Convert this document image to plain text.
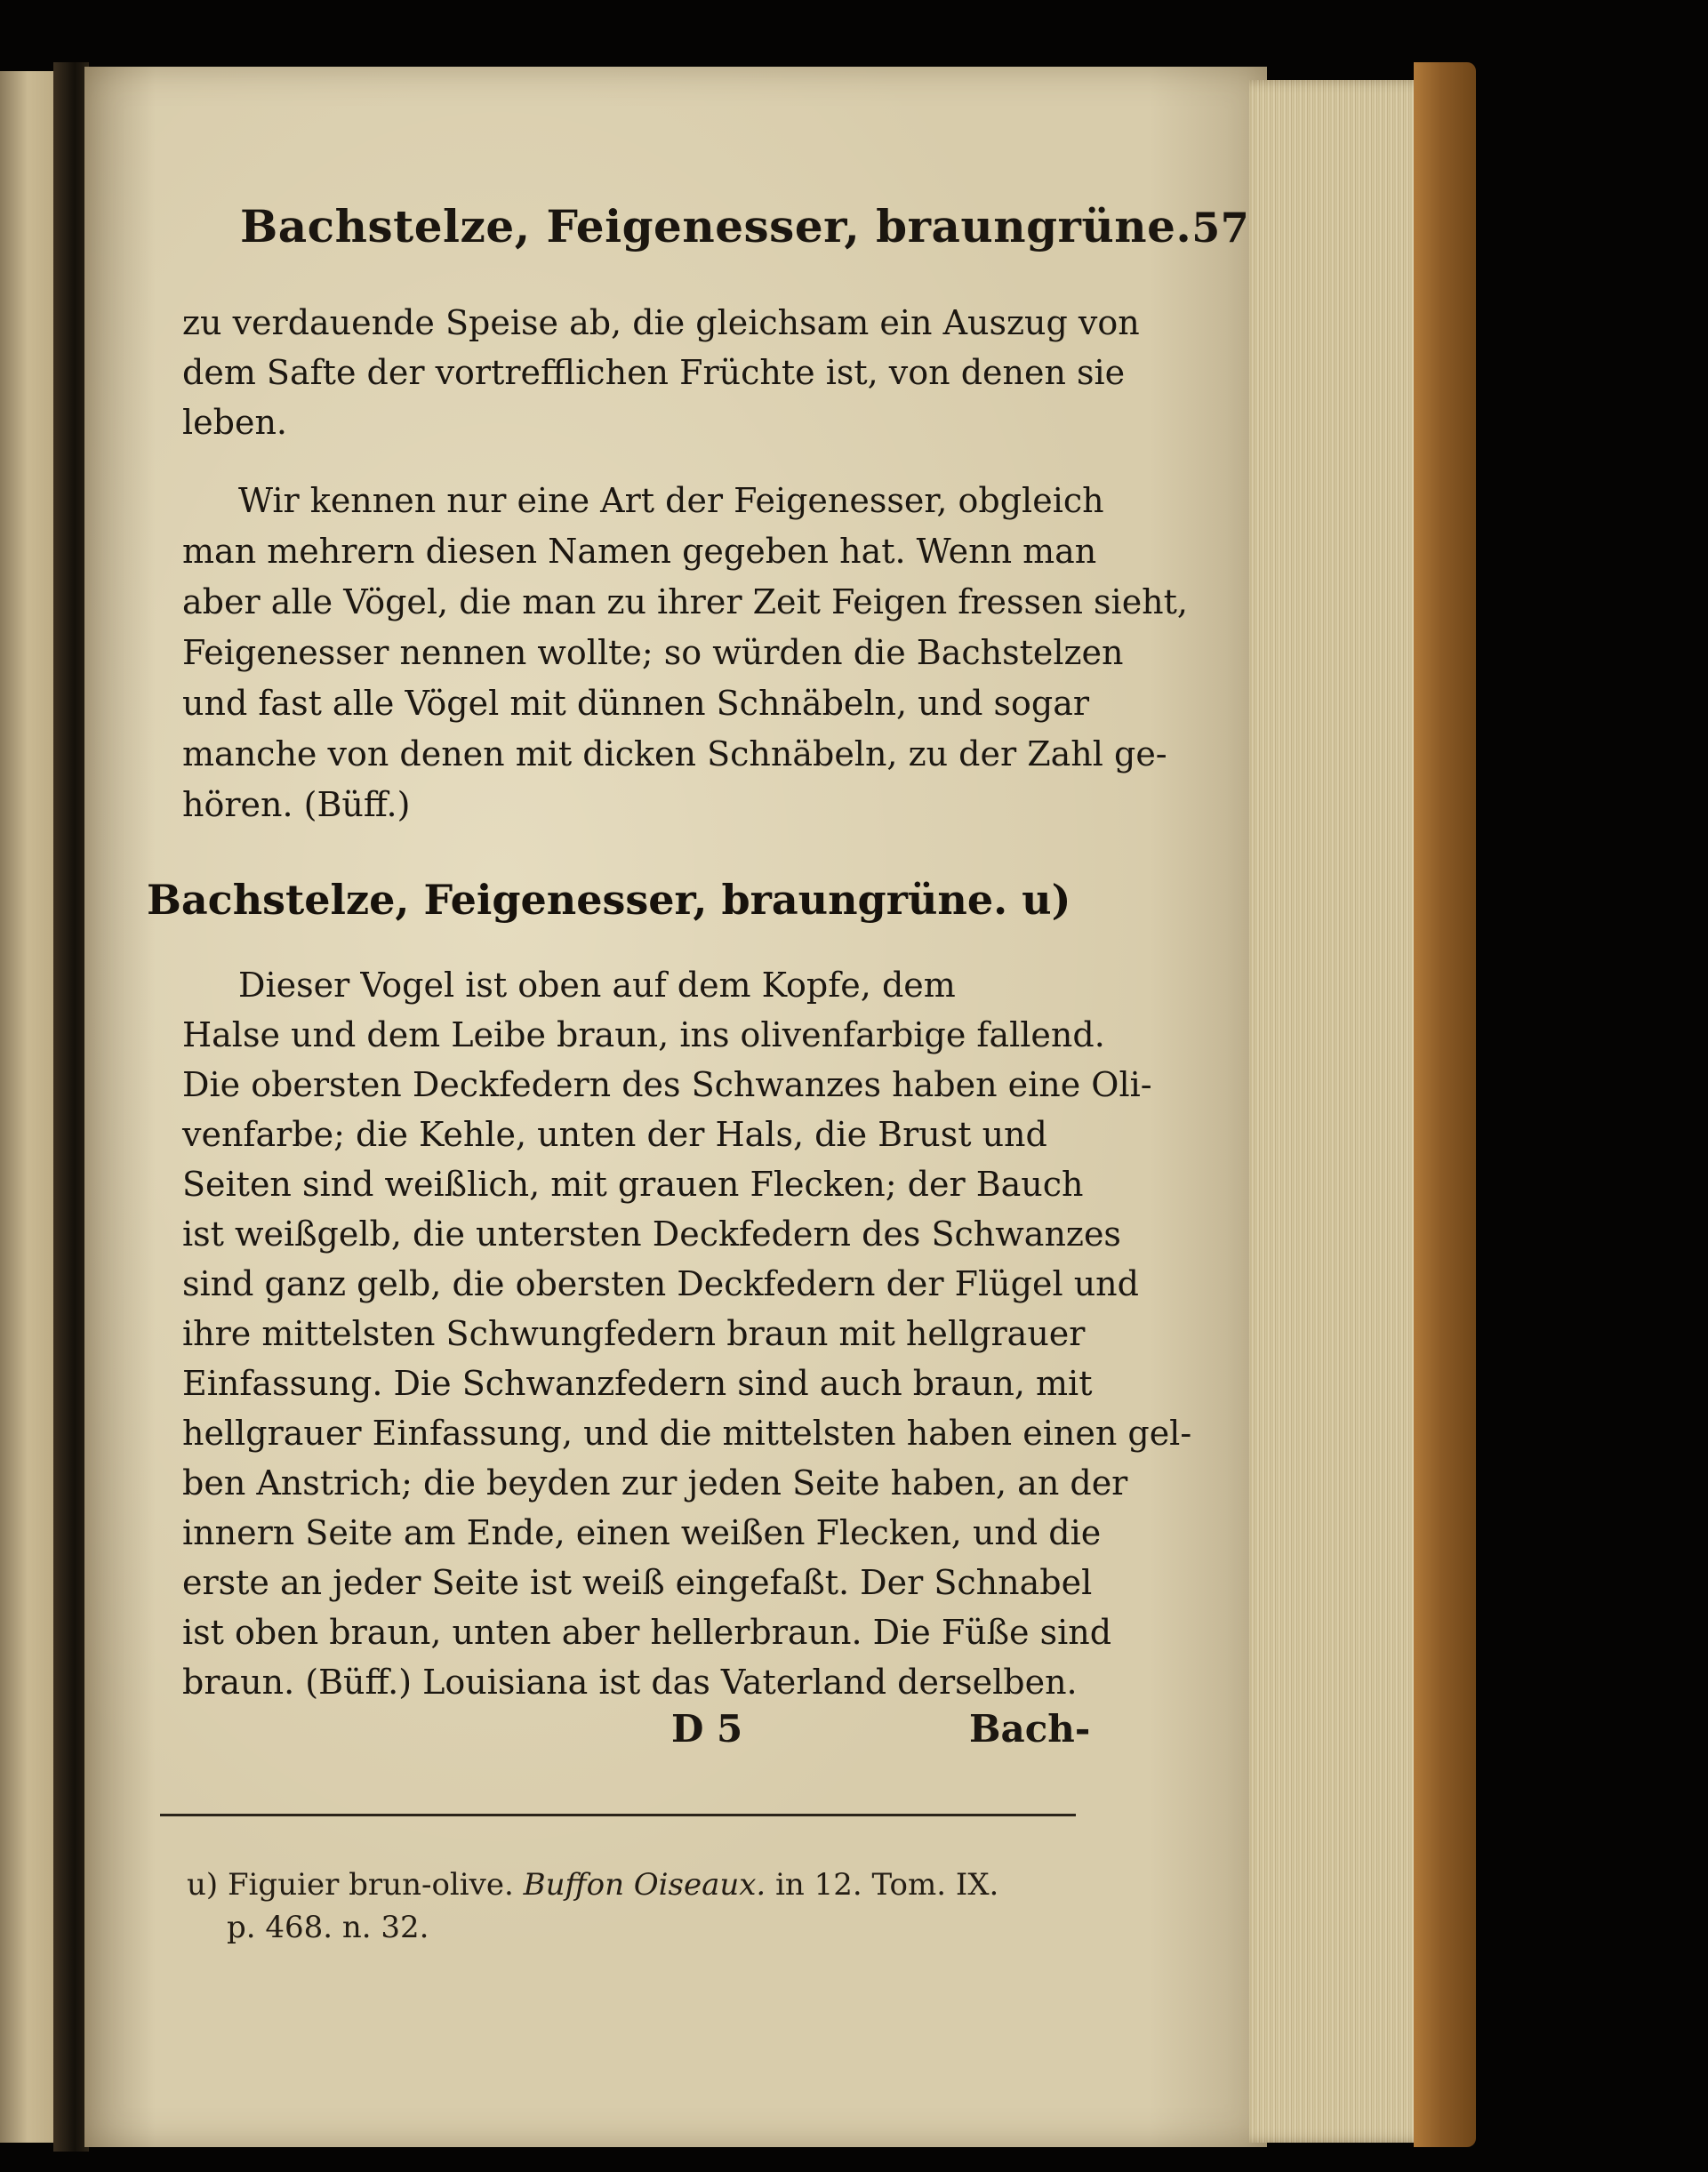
Bachstelze, Feigenesser, braungrüne. 57
zu verdauende Speise ab, die gleichsam ein Auszug von
dem Safte der vortrefflichen Früchte ist, von denen sie
leben.
Wir kennen nur eine Art der Feigenesser, obgleich
man mehrern diesen Namen gegeben hat. Wenn man
aber alle Vögel, die man zu ihrer Zeit Feigen fressen sieht,
Feigenesser nennen wollte; so würden die Bachstelzen
und fast alle Vögel mit dünnen Schnäbeln, und sogar
manche von denen mit dicken Schnäbeln, zu der Zahl ge-
hören. (Büff.)
Bachstelze, Feigenesser, braungrüne. u)
Dieser Vogel ist oben auf dem Kopfe, dem
Halse und dem Leibe braun, ins olivenfarbige fallend.
Die obersten Deckfedern des Schwanzes haben eine Oli-
venfarbe; die Kehle, unten der Hals, die Brust und
Seiten sind weißlich, mit grauen Flecken; der Bauch
ist weißgelb, die untersten Deckfedern des Schwanzes
sind ganz gelb, die obersten Deckfedern der Flügel und
ihre mittelsten Schwungfedern braun mit hellgrauer
Einfassung. Die Schwanzfedern sind auch braun, mit
hellgrauer Einfassung, und die mittelsten haben einen gel-
ben Anstrich; die beyden zur jeden Seite haben, an der
innern Seite am Ende, einen weißen Flecken, und die
erste an jeder Seite ist weiß eingefaßt. Der Schnabel
ist oben braun, unten aber hellerbraun. Die Füße sind
braun. (Büff.) Louisiana ist das Vaterland derselben.
D 5	Bach-
u) Figuier brun-olive. Buffon Oiseaux. in 12. Tom. IX.
p. 468. n. 32.
